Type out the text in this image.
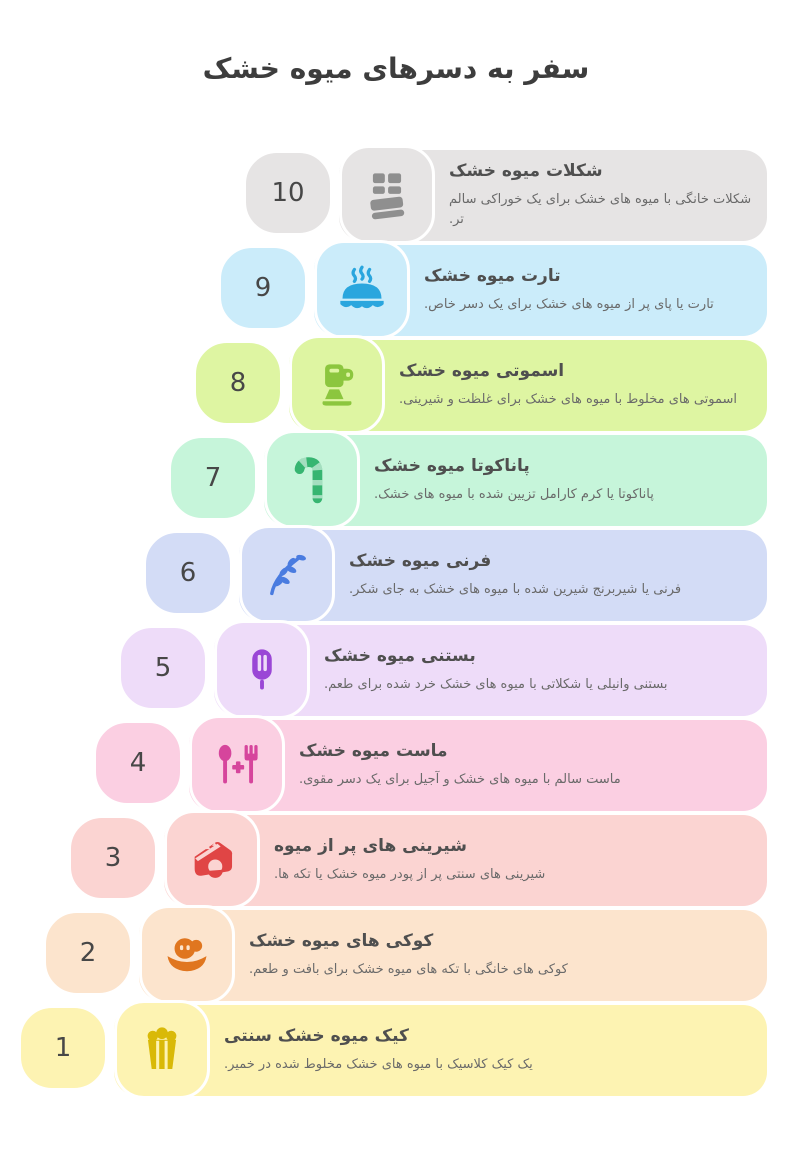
سفر به دسرهای میوه خشک
10
شکلات میوه خشک
شکلات خانگی با میوه های خشک برای یک خوراکی سالم تر.
9	تارت میوه خشک
تارت یا پای پر از میوه های خشک برای یک دسر خاص.
8	اسموتی میوه خشک
اسموتی های مخلوط با میوه های خشک برای غلظت و شیرینی.
7	پاناکوتا میوه خشک
پاناکوتا یا کرم کارامل تزیین شده با میوه های خشک.
6	فرنی میوه خشک
فرنی یا شیربرنج شیرین شده با میوه های خشک به جای شکر.
5	بستنی میوه خشک
بستنی وانیلی یا شکلاتی با میوه های خشک خرد شده برای طعم.
4	ماست میوه خشک
ماست سالم با میوه های خشک و آجیل برای یک دسر مقوی.
3	شیرینی های پر از میوه
شیرینی های سنتی پر از پودر میوه خشک یا تکه ها.
2	کوکی های میوه خشک
کوکی های خانگی با تکه های میوه خشک برای بافت و طعم.
1	کیک میوه خشک سنتی
یک کیک کلاسیک با میوه های خشک مخلوط شده در خمیر.
